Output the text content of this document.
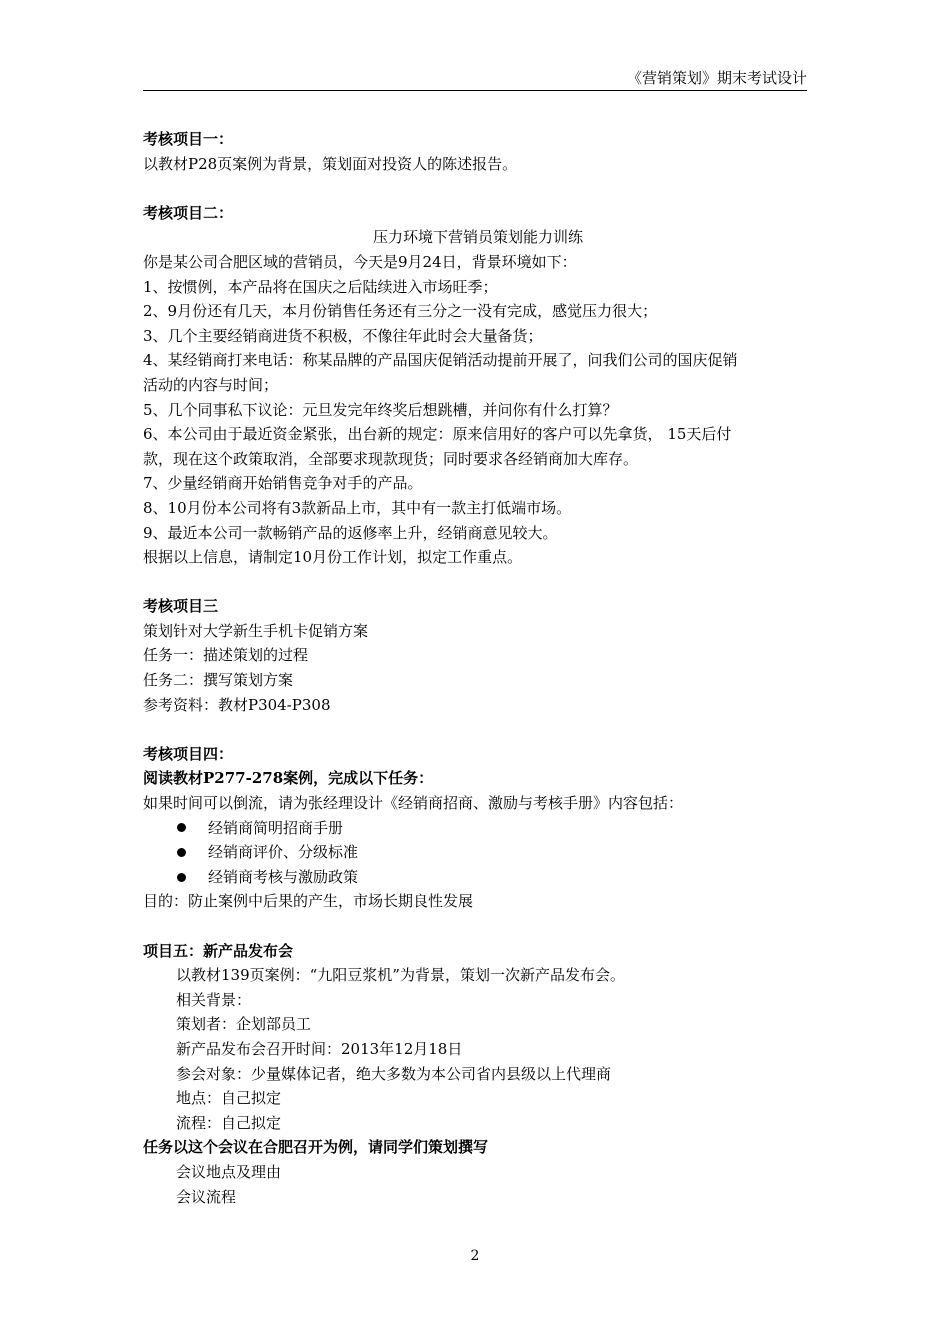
《营销策划》期末考试设计
考核项目一：
以教材P28页案例为背景，策划面对投资人的陈述报告。
考核项目二：
压力环境下营销员策划能力训练
你是某公司合肥区域的营销员，今天是9月24日，背景环境如下：
1、按惯例，本产品将在国庆之后陆续进入市场旺季；
2、9月份还有几天，本月份销售任务还有三分之一没有完成，感觉压力很大；
3、几个主要经销商进货不积极，不像往年此时会大量备货；
4、某经销商打来电话：称某品牌的产品国庆促销活动提前开展了，问我们公司的国庆促销
活动的内容与时间；
5、几个同事私下议论：元旦发完年终奖后想跳槽，并问你有什么打算？
6、本公司由于最近资金紧张，出台新的规定：原来信用好的客户可以先拿货， 15天后付
款，现在这个政策取消，全部要求现款现货；同时要求各经销商加大库存。
7、少量经销商开始销售竞争对手的产品。
8、10月份本公司将有3款新品上市，其中有一款主打低端市场。
9、最近本公司一款畅销产品的返修率上升，经销商意见较大。
根据以上信息，请制定10月份工作计划，拟定工作重点。
考核项目三
策划针对大学新生手机卡促销方案
任务一：描述策划的过程
任务二：撰写策划方案
参考资料：教材P304-P308
考核项目四：
阅读教材P277-278案例，完成以下任务：
如果时间可以倒流，请为张经理设计《经销商招商、激励与考核手册》内容包括：
经销商简明招商手册
经销商评价、分级标准
经销商考核与激励政策
目的：防止案例中后果的产生，市场长期良性发展
项目五：新产品发布会
以教材139页案例：“九阳豆浆机”为背景，策划一次新产品发布会。
相关背景：
策划者：企划部员工
新产品发布会召开时间：2013年12月18日
参会对象：少量媒体记者，绝大多数为本公司省内县级以上代理商
地点：自己拟定
流程：自己拟定
任务以这个会议在合肥召开为例，请同学们策划撰写
会议地点及理由
会议流程
2
